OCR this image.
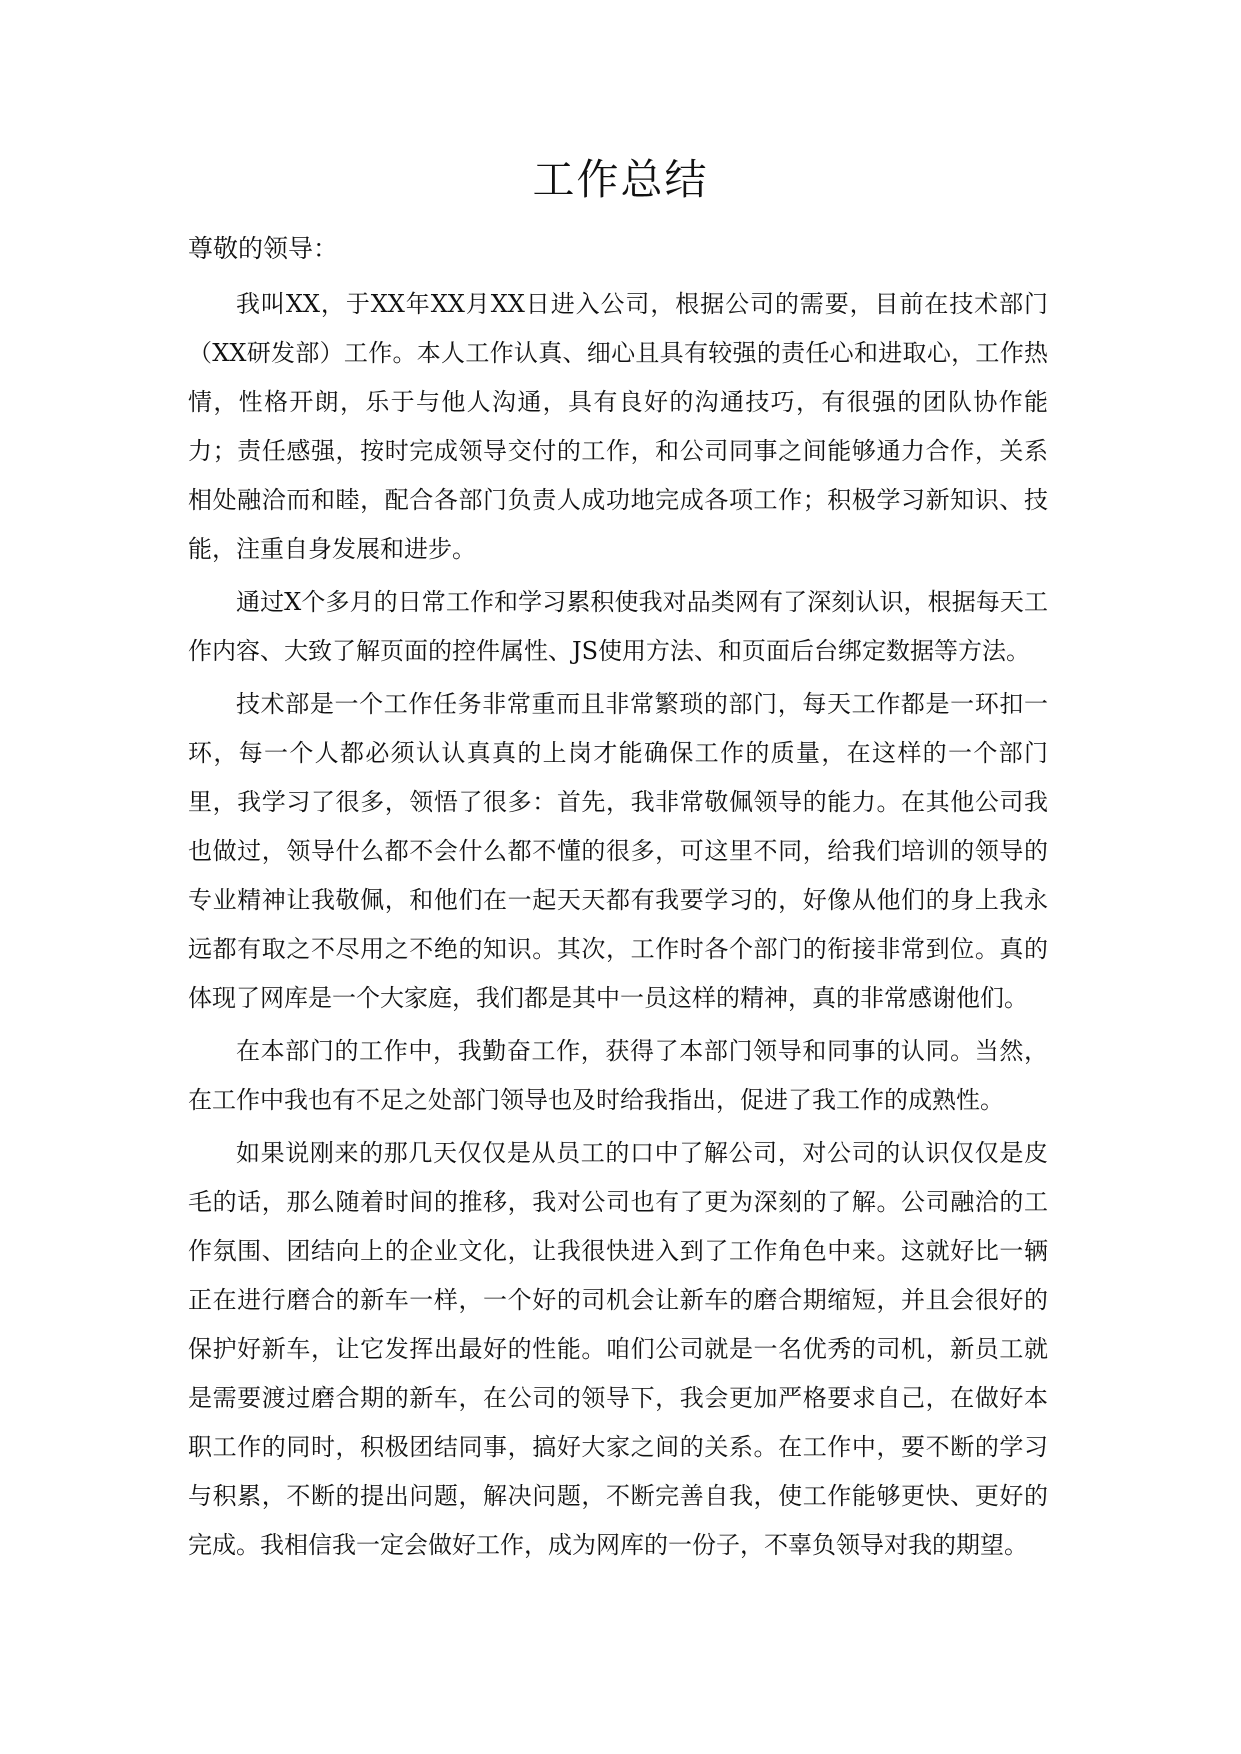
工作总结

尊敬的领导：

我叫XX，于XX年XX月XX日进入公司，根据公司的需要，目前在技术部门（XX研发部）工作。本人工作认真、细心且具有较强的责任心和进取心，工作热情，性格开朗，乐于与他人沟通，具有良好的沟通技巧，有很强的团队协作能力；责任感强，按时完成领导交付的工作，和公司同事之间能够通力合作，关系相处融洽而和睦，配合各部门负责人成功地完成各项工作；积极学习新知识、技能，注重自身发展和进步。

通过X个多月的日常工作和学习累积使我对品类网有了深刻认识，根据每天工作内容、大致了解页面的控件属性、JS使用方法、和页面后台绑定数据等方法。

技术部是一个工作任务非常重而且非常繁琐的部门，每天工作都是一环扣一环，每一个人都必须认认真真的上岗才能确保工作的质量，在这样的一个部门里，我学习了很多，领悟了很多：首先，我非常敬佩领导的能力。在其他公司我也做过，领导什么都不会什么都不懂的很多，可这里不同，给我们培训的领导的专业精神让我敬佩，和他们在一起天天都有我要学习的，好像从他们的身上我永远都有取之不尽用之不绝的知识。其次，工作时各个部门的衔接非常到位。真的体现了网库是一个大家庭，我们都是其中一员这样的精神，真的非常感谢他们。

在本部门的工作中，我勤奋工作，获得了本部门领导和同事的认同。当然，在工作中我也有不足之处部门领导也及时给我指出，促进了我工作的成熟性。

如果说刚来的那几天仅仅是从员工的口中了解公司，对公司的认识仅仅是皮毛的话，那么随着时间的推移，我对公司也有了更为深刻的了解。公司融洽的工作氛围、团结向上的企业文化，让我很快进入到了工作角色中来。这就好比一辆正在进行磨合的新车一样，一个好的司机会让新车的磨合期缩短，并且会很好的保护好新车，让它发挥出最好的性能。咱们公司就是一名优秀的司机，新员工就是需要渡过磨合期的新车，在公司的领导下，我会更加严格要求自己，在做好本职工作的同时，积极团结同事，搞好大家之间的关系。在工作中，要不断的学习与积累，不断的提出问题，解决问题，不断完善自我，使工作能够更快、更好的完成。我相信我一定会做好工作，成为网库的一份子，不辜负领导对我的期望。
